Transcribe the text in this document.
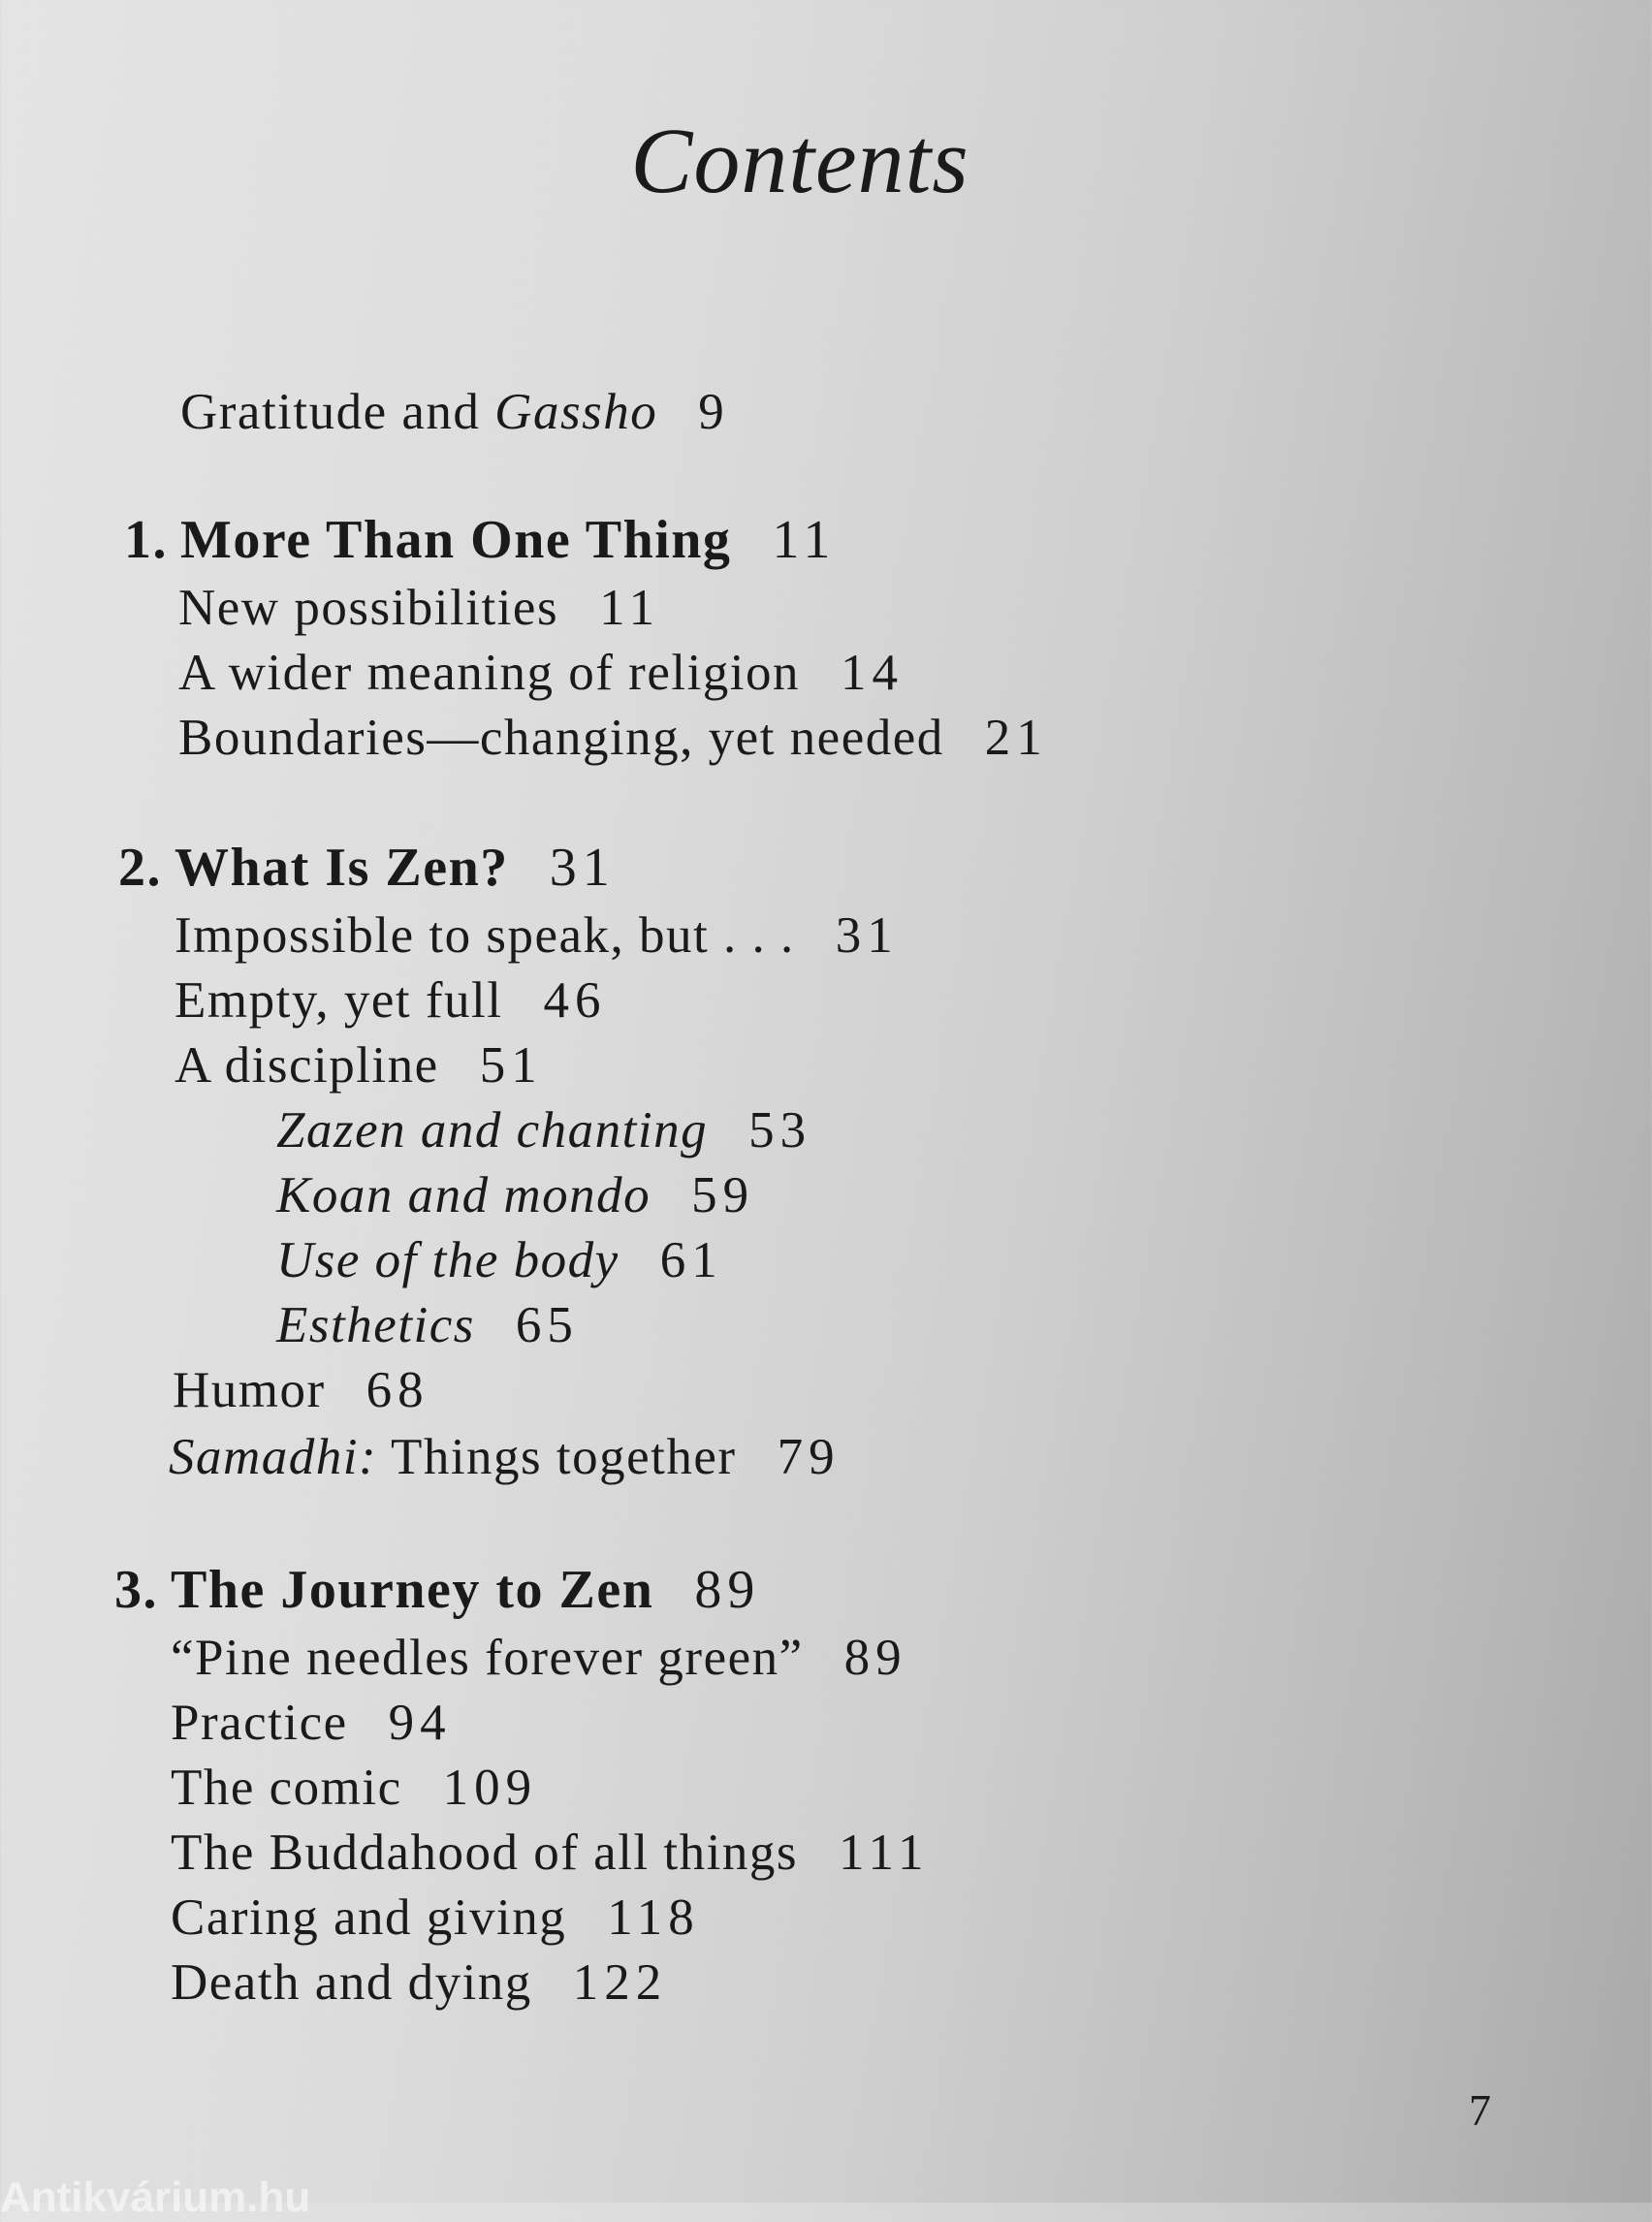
Contents
Gratitude and Gassho 9
1. More Than One Thing 11
New possibilities 11
A wider meaning of religion 14
Boundaries—changing, yet needed 21
2. What Is Zen? 31
Impossible to speak, but . . . 31
Empty, yet full 46
A discipline 51
Zazen and chanting 53
Koan and mondo 59
Use of the body 61
Esthetics 65
Humor 68
Samadhi: Things together 79
3. The Journey to Zen 89
“Pine needles forever green” 89
Practice 94
The comic 109
The Buddahood of all things 111
Caring and giving 118
Death and dying 122
7
Antikvárium.hu
